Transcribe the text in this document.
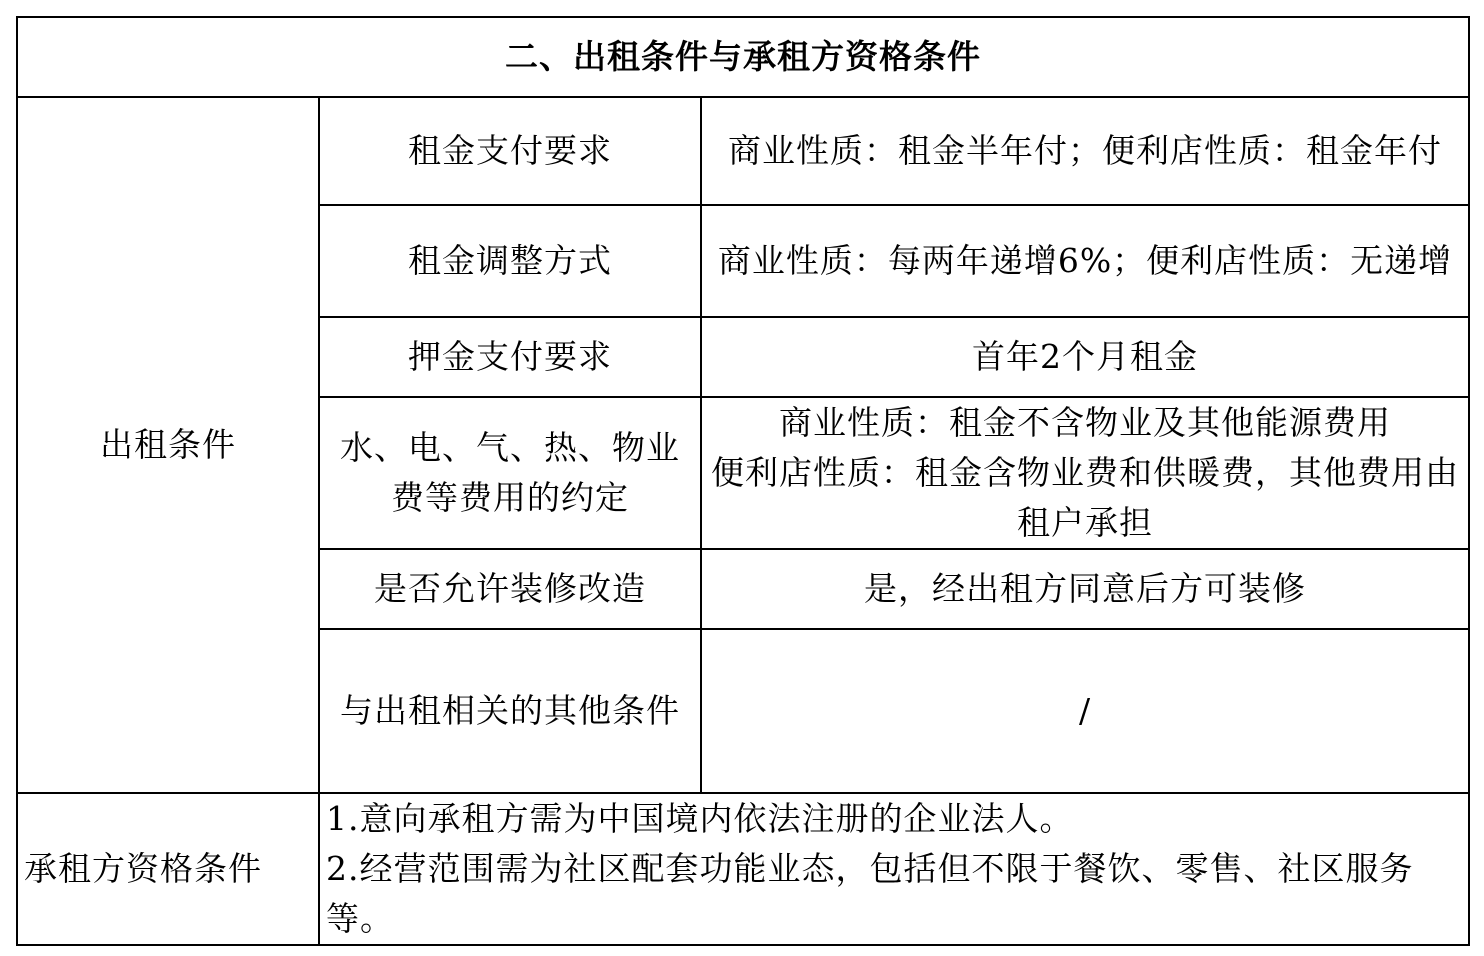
二、出租条件与承租方资格条件		
出租条件	租金支付要求	商业性质：租金半年付；便利店性质：租金年付
	租金调整方式	商业性质：每两年递增6%；便利店性质：无递增
	押金支付要求	首年2个月租金
	水、电、气、热、物业费等费用的约定	商业性质：租金不含物业及其他能源费用
便利店性质：租金含物业费和供暖费，其他费用由租户承担

	是否允许装修改造	是，经出租方同意后方可装修
	与出租相关的其他条件	/
承租方资格条件	1.意向承租方需为中国境内依法注册的企业法人。
2.经营范围需为社区配套功能业态，包括但不限于餐饮、零售、社区服务等。	
